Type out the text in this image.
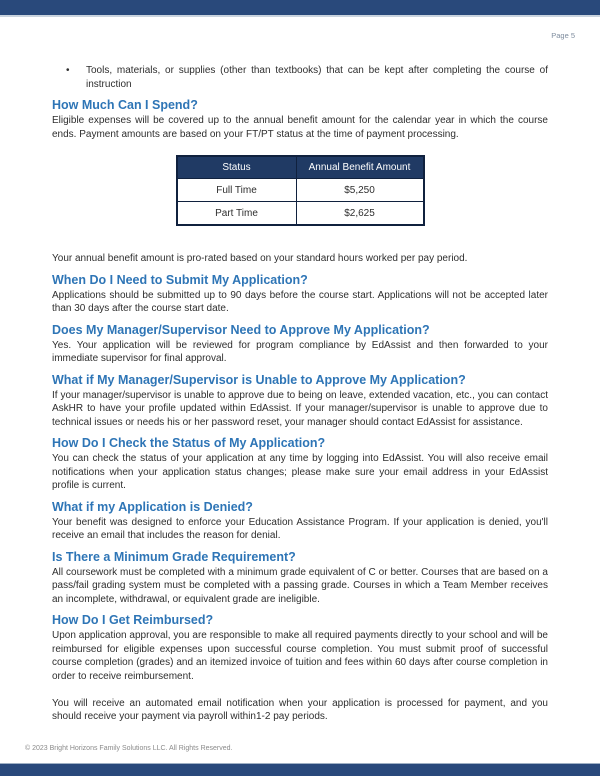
Page 5
•	Tools, materials, or supplies (other than textbooks) that can be kept after completing the course of instruction
How Much Can I Spend?

Eligible expenses will be covered up to the annual benefit amount for the calendar year in which the course ends. Payment amounts are based on your FT/PT status at the time of payment processing.

Status	Annual Benefit Amount
Full Time	$5,250
Part Time	$2,625

Your annual benefit amount is pro-rated based on your standard hours worked per pay period.

When Do I Need to Submit My Application?

Applications should be submitted up to 90 days before the course start. Applications will not be accepted later than 30 days after the course start date.

Does My Manager/Supervisor Need to Approve My Application?

Yes. Your application will be reviewed for program compliance by EdAssist and then forwarded to your immediate supervisor for final approval.

What if My Manager/Supervisor is Unable to Approve My Application?

If your manager/supervisor is unable to approve due to being on leave, extended vacation, etc., you can contact AskHR to have your profile updated within EdAssist. If your manager/supervisor is unable to approve due to technical issues or needs his or her password reset, your manager should contact EdAssist for assistance.

How Do I Check the Status of My Application?

You can check the status of your application at any time by logging into EdAssist. You will also receive email notifications when your application status changes; please make sure your email address in your EdAssist profile is current.

What if my Application is Denied?

Your benefit was designed to enforce your Education Assistance Program. If your application is denied, you'll receive an email that includes the reason for denial.

Is There a Minimum Grade Requirement?

All coursework must be completed with a minimum grade equivalent of C or better. Courses that are based on a pass/fail grading system must be completed with a passing grade. Courses in which a Team Member receives an incomplete, withdrawal, or equivalent grade are ineligible.

How Do I Get Reimbursed?

Upon application approval, you are responsible to make all required payments directly to your school and will be reimbursed for eligible expenses upon successful course completion. You must submit proof of successful course completion (grades) and an itemized invoice of tuition and fees within 60 days after course completion in order to receive reimbursement.

You will receive an automated email notification when your application is processed for payment, and you should receive your payment via payroll within1-2 pay periods.

© 2023 Bright Horizons Family Solutions LLC. All Rights Reserved.
